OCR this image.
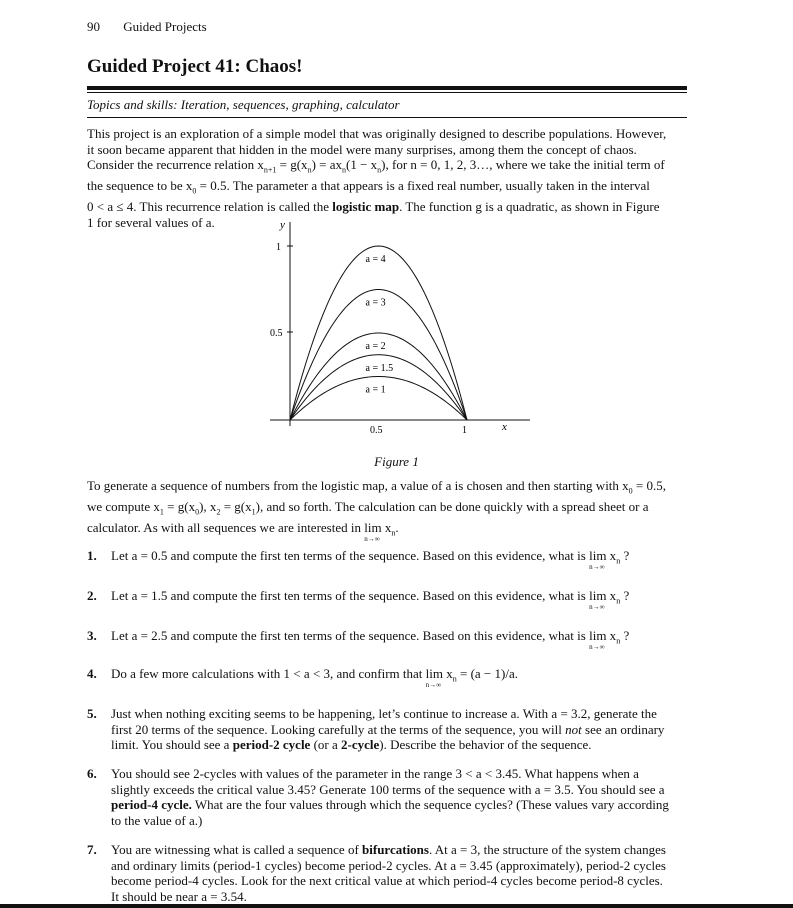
90 Guided Projects
Guided Project 41: Chaos!
Topics and skills: Iteration, sequences, graphing, calculator
This project is an exploration of a simple model that was originally designed to describe populations. However,
it soon became apparent that hidden in the model were many surprises, among them the concept of chaos.
Consider the recurrence relation $x_{n+1} = g(x_n) = ax_n(1 - x_n)$, for n = 0, 1, 2, 3…, where we take the initial term of
the sequence to be $x_0 = 0.5$. The parameter a that appears is a fixed real number, usually taken in the interval
0 < a ≤ 4. This recurrence relation is called the logistic map. The function g is a quadratic, as shown in Figure
1 for several values of a.	y
x
1
0.5
0.5	1
a = 4
a = 3
a = 2
a = 1.5
a = 1
Figure 1
To generate a sequence of numbers from the logistic map, a value of a is chosen and then starting with $x_0 = 0.5$,
we compute $x_1 = g(x_0)$, $x_2 = g(x_1)$, and so forth. The calculation can be done quickly with a spread sheet or a
calculator. As with all sequences we are interested in $\lim x_n$
n→∞
.
1. Let a = 0.5 and compute the first ten terms of the sequence. Based on this evidence, what is $\lim x_n$
n→∞
?
2. Let a = 1.5 and compute the first ten terms of the sequence. Based on this evidence, what is $\lim x_n$
n→∞
?
3. Let a = 2.5 and compute the first ten terms of the sequence. Based on this evidence, what is $\lim x_n$
n→∞
?
4. Do a few more calculations with 1 < a < 3, and confirm that $\lim x_n$
n→∞
= (a − 1)/a.
5. Just when nothing exciting seems to be happening, let’s continue to increase a. With a = 3.2, generate the
first 20 terms of the sequence. Looking carefully at the terms of the sequence, you will not see an ordinary
limit. You should see a period-2 cycle (or a 2-cycle). Describe the behavior of the sequence.
6. You should see 2-cycles with values of the parameter in the range 3 < a < 3.45. What happens when a
slightly exceeds the critical value 3.45? Generate 100 terms of the sequence with a = 3.5. You should see a
period-4 cycle. What are the four values through which the sequence cycles? (These values vary according
to the value of a.)
7. You are witnessing what is called a sequence of bifurcations. At a = 3, the structure of the system changes
and ordinary limits (period-1 cycles) become period-2 cycles. At a = 3.45 (approximately), period-2 cycles
become period-4 cycles. Look for the next critical value at which period-4 cycles become period-8 cycles.
It should be near a = 3.54.
